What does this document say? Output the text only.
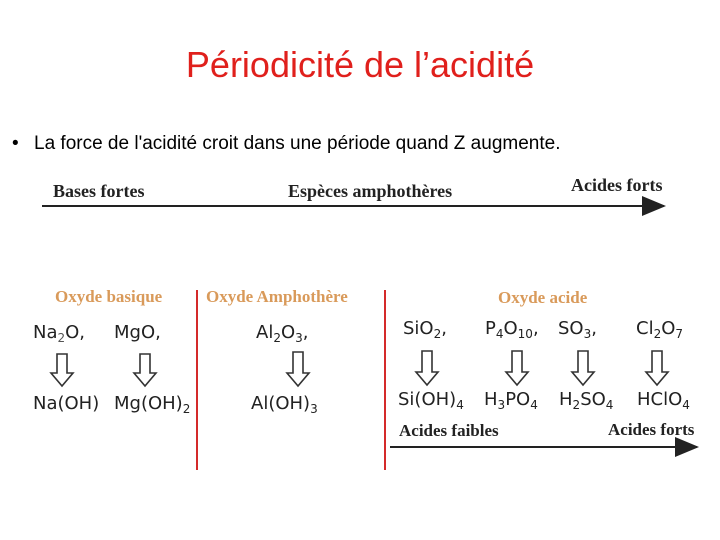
Périodicité de l’acidité
• La force de l'acidité croit dans une période quand Z augmente.
Bases fortes	Espèces amphothères	Acides forts
Oxyde basique	Oxyde Amphothère	Oxyde acide
$Na_2O$, MgO,	$Al_2O_3$,	SiO$_2$, $P_4O_{10}$, $SO_3$, $Cl_2O_7$
Na(OH) $Mg(OH)_2$	$Al(OH)_3$	$Si(OH)_4$ $H_3PO_4$ $H_2SO_4$ HClO$_4$
Acides faibles	Acides forts
